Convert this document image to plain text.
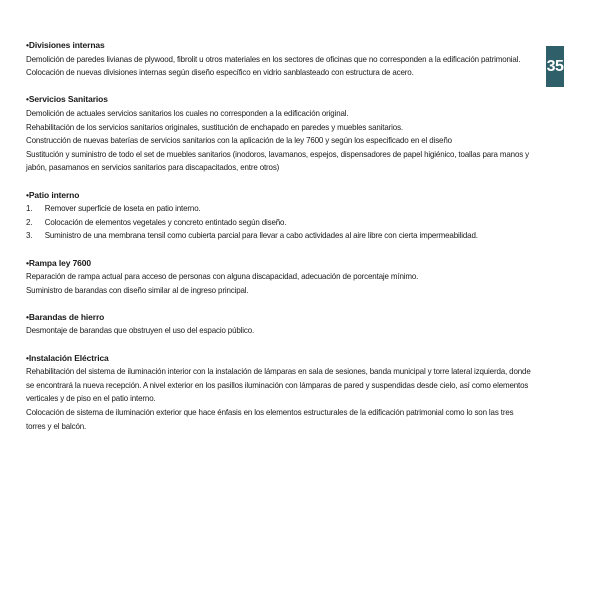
35
•Divisiones internas

Demolición de paredes livianas de plywood, fibrolit u otros materiales en los sectores de oficinas que no corresponden a la edificación patrimonial.

Colocación de nuevas divisiones internas según diseño específico en vidrio sanblasteado con estructura de acero.

•Servicios Sanitarios

Demolición de actuales servicios sanitarios los cuales no corresponden a la edificación original.

Rehabilitación de los servicios sanitarios originales, sustitución de enchapado en paredes y muebles sanitarios.

Construcción de nuevas baterías de servicios sanitarios con la aplicación de la ley 7600 y según los especificado en el diseño

Sustitución y suministro de todo el set de muebles sanitarios (inodoros, lavamanos, espejos, dispensadores de papel higiénico, toallas para manos y jabón, pasamanos en servicios sanitarios para discapacitados, entre otros)

•Patio interno
1.	Remover superficie de loseta en patio interno.
2.	Colocación de elementos vegetales y concreto entintado según diseño.
3.	Suministro de una membrana tensil como cubierta parcial para llevar a cabo actividades al aire libre con cierta impermeabilidad.
•Rampa ley 7600

Reparación de rampa actual para acceso de personas con alguna discapacidad, adecuación de porcentaje mínimo.

Suministro de barandas con diseño similar al de ingreso principal.

•Barandas de hierro

Desmontaje de barandas que obstruyen el uso del espacio público.

•Instalación Eléctrica

Rehabilitación del sistema de iluminación interior con la instalación de lámparas en sala de sesiones, banda municipal y torre lateral izquierda, donde se encontrará la nueva recepción. A nivel exterior en los pasillos iluminación con lámparas de pared y suspendidas desde cielo, así como elementos verticales y de piso en el patio interno.

Colocación de sistema de iluminación exterior que hace énfasis en los elementos estructurales de la edificación patrimonial como lo son las tres torres y el balcón.
